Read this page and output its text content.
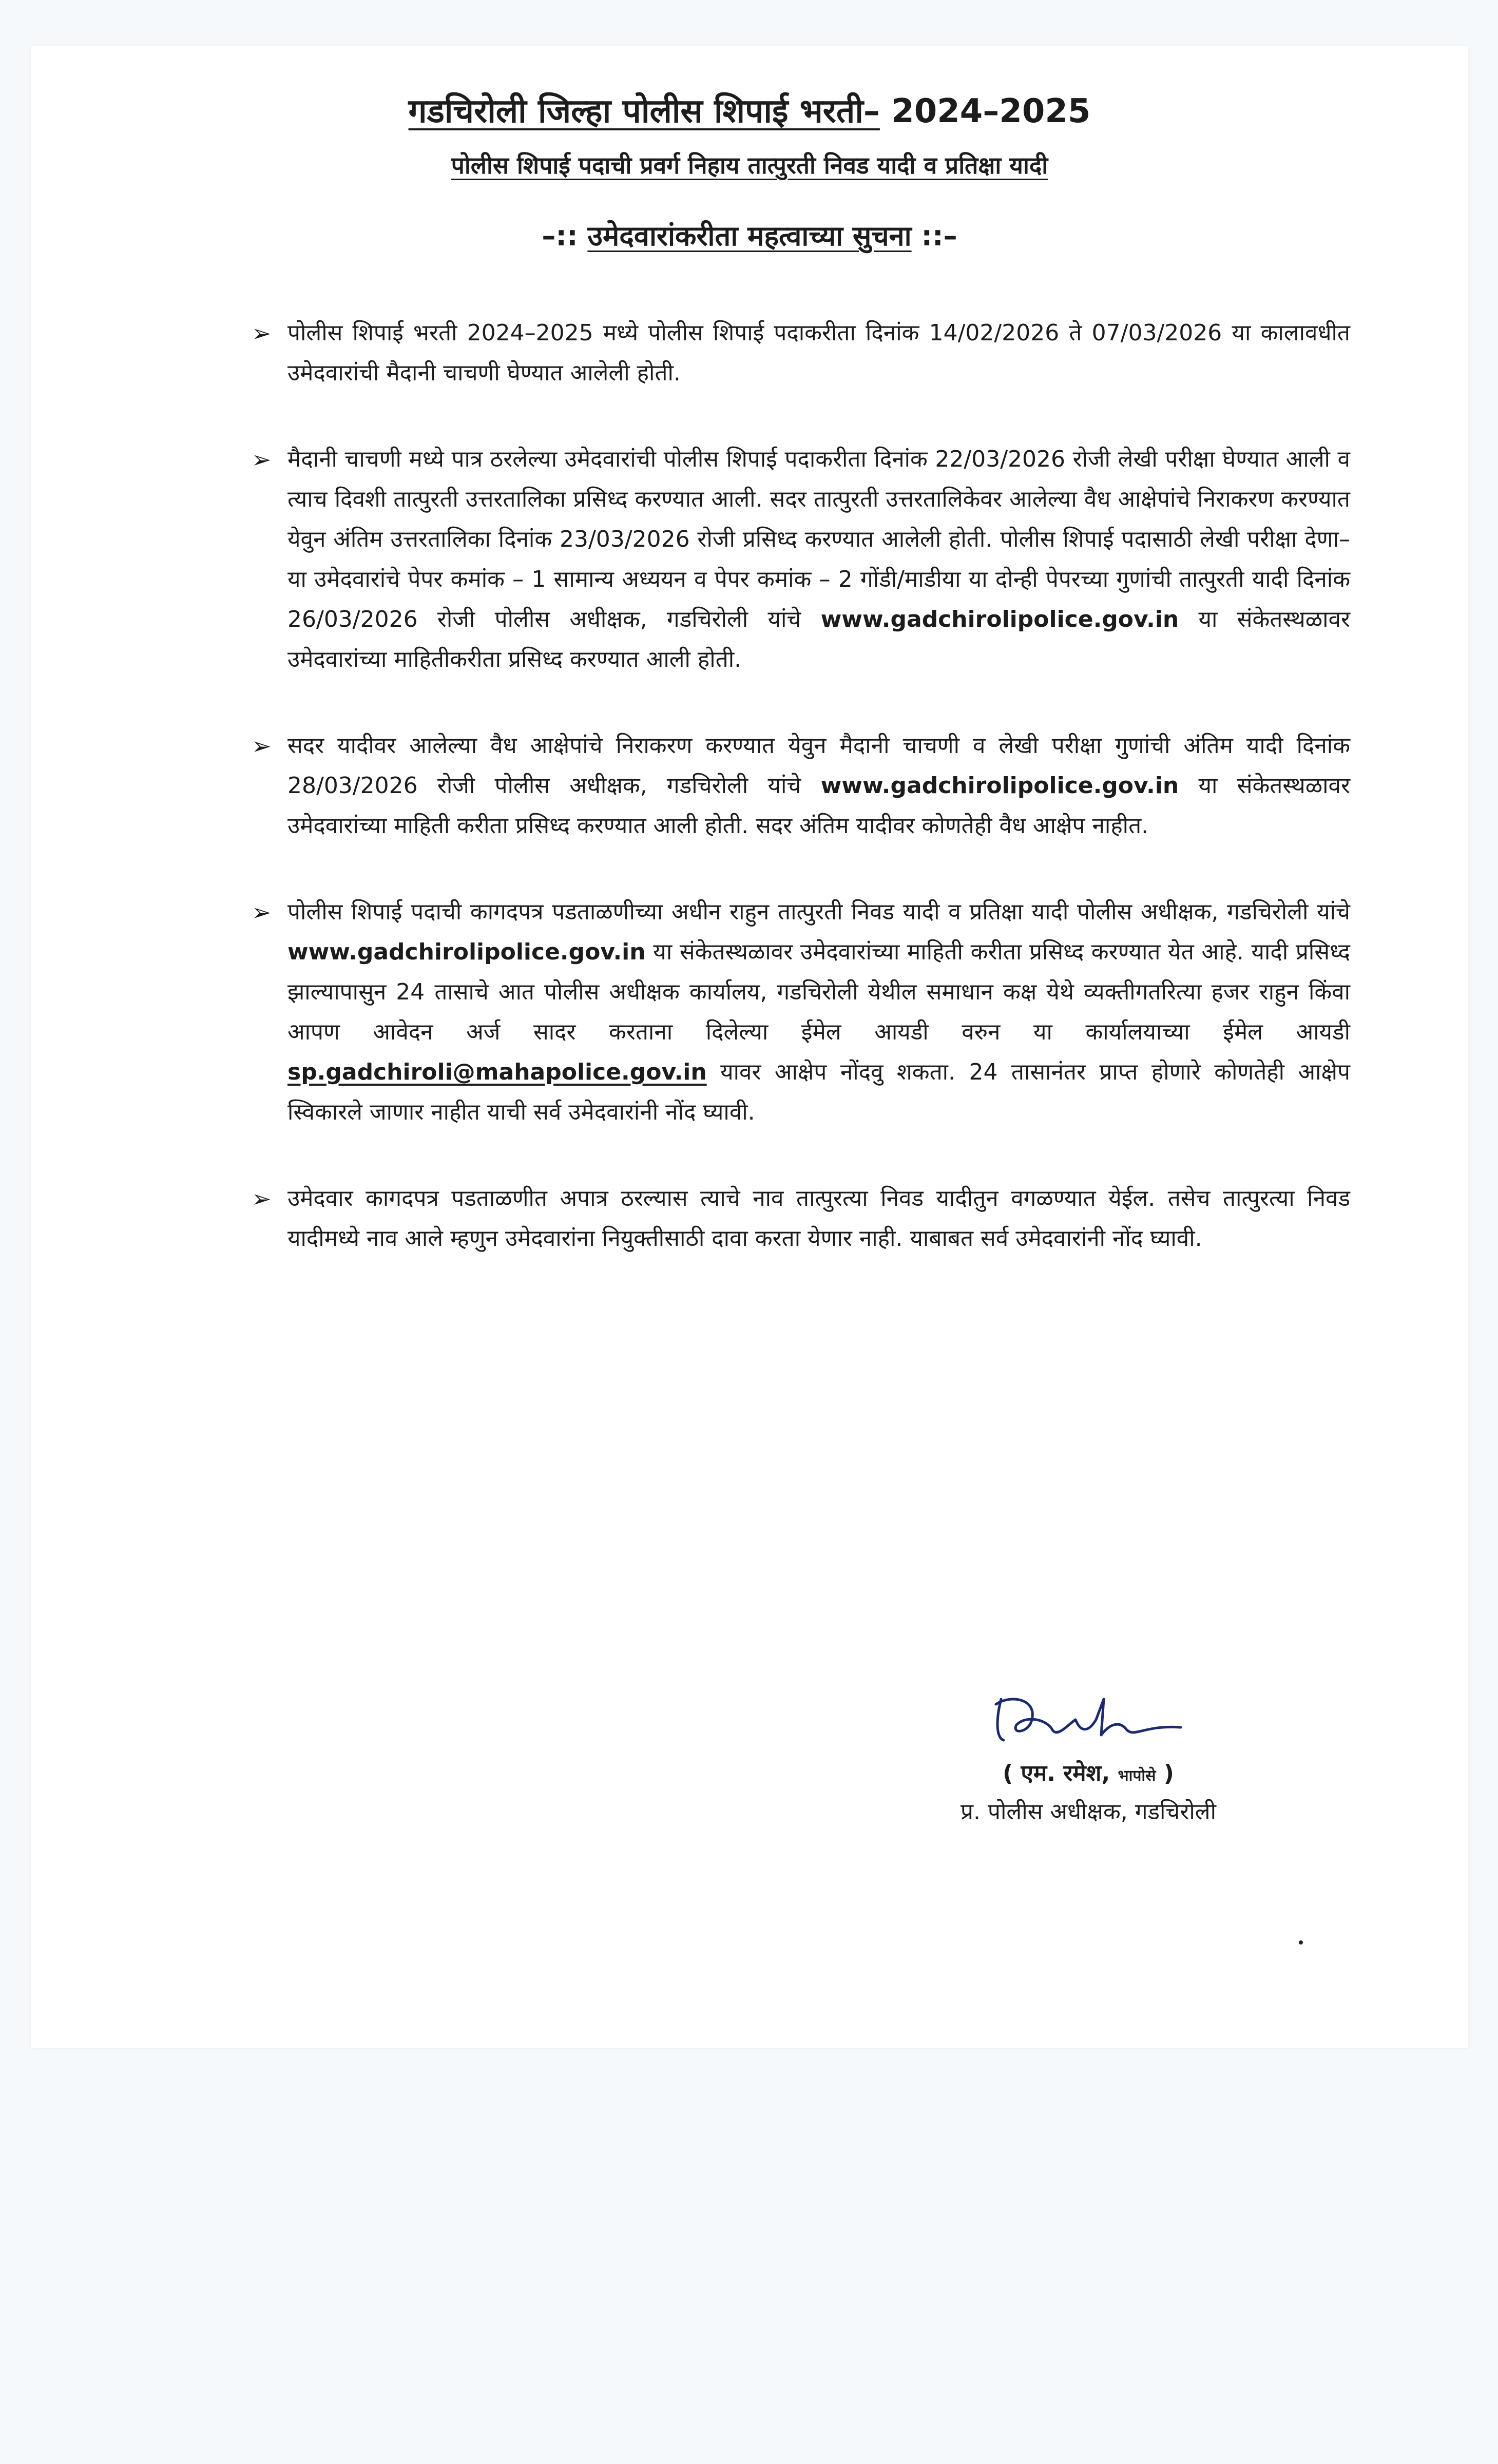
गडचिरोली जिल्हा पोलीस शिपाई भरती– 2024–2025
पोलीस शिपाई पदाची प्रवर्ग निहाय तात्पुरती निवड यादी व प्रतिक्षा यादी
–:: उमेदवारांकरीता महत्वाच्या सुचना ::–
➢ पोलीस शिपाई भरती 2024–2025 मध्ये पोलीस शिपाई पदाकरीता दिनांक 14/02/2026 ते 07/03/2026 या कालावधीत उमेदवारांची मैदानी चाचणी घेण्यात आलेली होती.
➢ मैदानी चाचणी मध्ये पात्र ठरलेल्या उमेदवारांची पोलीस शिपाई पदाकरीता दिनांक 22/03/2026 रोजी लेखी परीक्षा घेण्यात आली व त्याच दिवशी तात्पुरती उत्तरतालिका प्रसिध्द करण्यात आली. सदर तात्पुरती उत्तरतालिकेवर आलेल्या वैध आक्षेपांचे निराकरण करण्यात येवुन अंतिम उत्तरतालिका दिनांक 23/03/2026 रोजी प्रसिध्द करण्यात आलेली होती. पोलीस शिपाई पदासाठी लेखी परीक्षा देणा–या उमेदवारांचे पेपर कमांक – 1 सामान्य अध्ययन व पेपर कमांक – 2 गोंडी/माडीया या दोन्ही पेपरच्या गुणांची तात्पुरती यादी दिनांक 26/03/2026 रोजी पोलीस अधीक्षक, गडचिरोली यांचे www.gadchirolipolice.gov.in या संकेतस्थळावर उमेदवारांच्या माहितीकरीता प्रसिध्द करण्यात आली होती.
➢ सदर यादीवर आलेल्या वैध आक्षेपांचे निराकरण करण्यात येवुन मैदानी चाचणी व लेखी परीक्षा गुणांची अंतिम यादी दिनांक 28/03/2026 रोजी पोलीस अधीक्षक, गडचिरोली यांचे www.gadchirolipolice.gov.in या संकेतस्थळावर उमेदवारांच्या माहिती करीता प्रसिध्द करण्यात आली होती. सदर अंतिम यादीवर कोणतेही वैध आक्षेप नाहीत.
➢ पोलीस शिपाई पदाची कागदपत्र पडताळणीच्या अधीन राहुन तात्पुरती निवड यादी व प्रतिक्षा यादी पोलीस अधीक्षक, गडचिरोली यांचे www.gadchirolipolice.gov.in या संकेतस्थळावर उमेदवारांच्या माहिती करीता प्रसिध्द करण्यात येत आहे. यादी प्रसिध्द झाल्यापासुन 24 तासाचे आत पोलीस अधीक्षक कार्यालय, गडचिरोली येथील समाधान कक्ष येथे व्यक्तीगतरित्या हजर राहुन किंवा आपण आवेदन अर्ज सादर करताना दिलेल्या ईमेल आयडी वरुन या कार्यालयाच्या ईमेल आयडी sp.gadchiroli@mahapolice.gov.in यावर आक्षेप नोंदवु शकता. 24 तासानंतर प्राप्त होणारे कोणतेही आक्षेप स्विकारले जाणार नाहीत याची सर्व उमेदवारांनी नोंद घ्यावी.
➢ उमेदवार कागदपत्र पडताळणीत अपात्र ठरल्यास त्याचे नाव तात्पुरत्या निवड यादीतुन वगळण्यात येईल. तसेच तात्पुरत्या निवड यादीमध्ये नाव आले म्हणुन उमेदवारांना नियुक्तीसाठी दावा करता येणार नाही. याबाबत सर्व उमेदवारांनी नोंद घ्यावी.
( एम. रमेश, भापोसे )
प्र. पोलीस अधीक्षक, गडचिरोली
